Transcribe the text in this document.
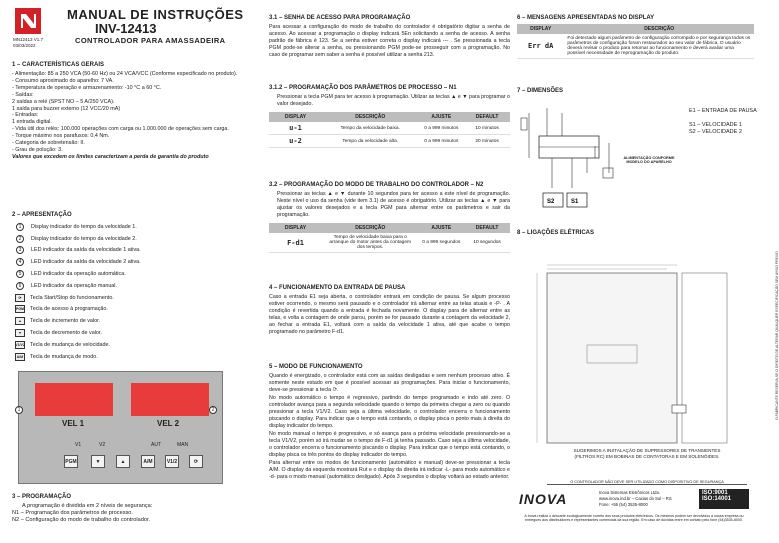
MN12413 V1.7
03/03/2022
MANUAL DE INSTRUÇÕES
INV-12413
CONTROLADOR PARA AMASSADEIRA
1 – CARACTERÍSTICAS GERAIS
- Alimentação: 85 a 250 VCA (50-60 Hz) ou 24 VCA/VCC (Conforme especificado no produto).
- Consumo aproximado do aparelho: 7 VA.
- Temperatura de operação e armazenamento: -10 °C a 60 °C.
- Saídas:
2 saídas a relé (SPST NO – 5 A/250 VCA).
1 saída para buzzer externo (12 VCC/20 mA)
- Entradas:
1 entrada digital.
- Vida útil dos relés: 100.000 operações com carga ou 1.000.000 de operações sem carga.
- Torque máximo nos parafusos: 0,4 Nm.
- Categoria de sobretensão: II.
- Grau de polução: 3.
Valores que excedem os limites caracterizam a perda de garantia do produto
2 – APRESENTAÇÃO
1	Display indicador do tempo da velocidade 1.
2	Display indicador do tempo da velocidade 2.
3	LED indicador da saída da velocidade 1 ativa.
4	LED indicador da saída da velocidade 2 ativa.
5	LED indicador da operação automática.
6	LED indicador da operação manual.
⟳	Tecla Start/Stop do funcionamento.
PGM Tecla de acesso à programação.
▲	Tecla de incremento de valor.
▼	Tecla de decremento de valor.
V1/V2 Tecla de mudança de velocidade.
A/M	Tecla de mudança de modo.
VEL 1	VEL 2
1	2
V1	V2	AUT	MAN
PGM	▼	▲	A/M	V1/2	⟳
3 – PROGRAMAÇÃO
A programação é dividida em 2 níveis de segurança:
N1 – Programação dos parâmetros de processo.
N2 – Configuração do modo de trabalho do controlador.
3.1 – SENHA DE ACESSO PARA PROGRAMAÇÃO
Para acessar a configuração do modo de trabalho do controlador é obrigatório digitar a senha de acesso. Ao acessar a programação o display indicará 5En solicitando a senha de acesso. A senha padrão de fábrica é 123. Se a senha estiver correta o display indicará --- . Se pressionada a tecla PGM pode-se alterar a senha, ou pressionando PGM pode-se prosseguir com a programação. No caso de programar sem saber a senha é possível utilizar a senha 213.
3.1.2 – PROGRAMAÇÃO DOS PARÂMETROS DE PROCESSO – N1
Pressionar a tecla PGM para ter acesso à programação. Utilizar as teclas ▲ e ▼ para programar o valor desejado.
DISPLAY	DESCRIÇÃO	AJUSTE	DEFAULT
u-1	Tempo da velocidade baixa.	0 a 999 minutos	10 minutos
u-2	Tempo da velocidade alta.	0 a 999 minutos	20 minutos
3.2 – PROGRAMAÇÃO DO MODO DE TRABALHO DO CONTROLADOR – N2
Pressionar as teclas ▲ e ▼ durante 10 segundos para ter acesso a este nível de programação. Neste nível o uso da senha (vide item 3.1) de acesso é obrigatório. Utilizar as teclas ▲ e ▼ para ajustar os valores desejados e a tecla PGM para alternar entre os parâmetros e sair da programação.
DISPLAY	DESCRIÇÃO	AJUSTE	DEFAULT
F-d1	Tempo de velocidade baixa para o arranque do motor antes da contagem dos tempos.	0 a 999 segundos	10 segundos
4 – FUNCIONAMENTO DA ENTRADA DE PAUSA
Caso a entrada E1 seja aberta, o controlador entrará em condição de pausa. Se algum processo estiver ocorrendo, o mesmo será pausado e o controlador irá alternar entre as telas atuais e -P- . A condição é revertida quando a entrada é fechada novamente. O display para de alternar entre as telas, e volta a contagem de onde parou, porém se for pausado durante a contagem da velocidade 2, ao fechar a entrada E1, voltará com a saída da velocidade 1 ativa, até que acabe o tempo programado no parâmetro F-d1.
5 – MODO DE FUNCIONAMENTO
Quando é energizado, o controlador está com as saídas desligadas e sem nenhum processo ativo. É somente neste estado em que é possível acessar as programações. Para iniciar o funcionamento, deve-se pressionar a tecla ⟳.
No modo automático o tempo é regressivo, partindo do tempo programado e indo até zero. O controlador avança para a segunda velocidade quando o tempo da primeira chegar a zero ou quando pressionar a tecla V1/V2. Caso seja a última velocidade, o controlador encerra o funcionamento piscando o display. Para indicar que o tempo está contando, o display pisca o ponto mais à direita do display indicador do tempo.
No modo manual o tempo é progressivo, e só avança para a próxima velocidade pressionando-se a tecla V1/V2, porém só irá mudar se o tempo de F-d1 já tenha passado. Caso seja a última velocidade, o controlador encerra o funcionamento piscando o display. Para indicar que o tempo está contando, o display pisca os três pontos do display indicador do tempo.
Para alternar entre os modos de funcionamento (automático e manual) deve-se pressionar a tecla A/M. O display da esquerda mostrará Rut e o display da direita irá indicar -L- para modo automático e -d- para o modo manual (automático desligado). Após 3 segundos o display voltará ao estado anterior.
6 – MENSAGENS APRESENTADAS NO DISPLAY
DISPLAY	DESCRIÇÃO
Err dA	Foi detectado algum parâmetro de configuração corrompido e por segurança todos os parâmetros de configuração foram restaurados ao seu valor de fábrica. O usuário deverá revisar o produto para retomar ao funcionamento e deverá avaliar uma possível necessidade de reprogramação do produto.
7 – DIMENSÕES
S2	S1
ALIMENTAÇÃO CONFORME MODELO DO APARELHO
E1 – ENTRADA DE PAUSA
S1 – VELOCIDADE 1
S2 – VELOCIDADE 2
8 – LIGAÇÕES ELÉTRICAS
SUGERIMOS A INSTALAÇÃO DE SUPRESSORES DE TRANSIENTES (FILTROS RC) EM BOBINAS DE CONTATORAS E EM SOLENÓIDES.
O CONTROLADOR NÃO DEVE SER UTILIZADO COMO DISPOSITIVO DE SEGURANÇA
INOVA	Inova Sistemas Eletrônicos Ltda.
www.inova.ind.br – Caxias do Sul – RS
Fone: +55 (54) 3535-8000
ISO:9001
ISO:14001
A Inova realiza o descarte ecologicamente correto dos seus produtos eletrônicos. Os mesmos podem ser devolvidos à nossa empresa ou entregues aos distribuidores e representantes comerciais da sua região. Em caso de dúvidas entre em contato pelo fone (54)3535-8000.
O FABRICANTE RESERVA-SE O DIREITO DE ALTERAR QUALQUER ESPECIFICAÇÃO SEM AVISO PREVIO
